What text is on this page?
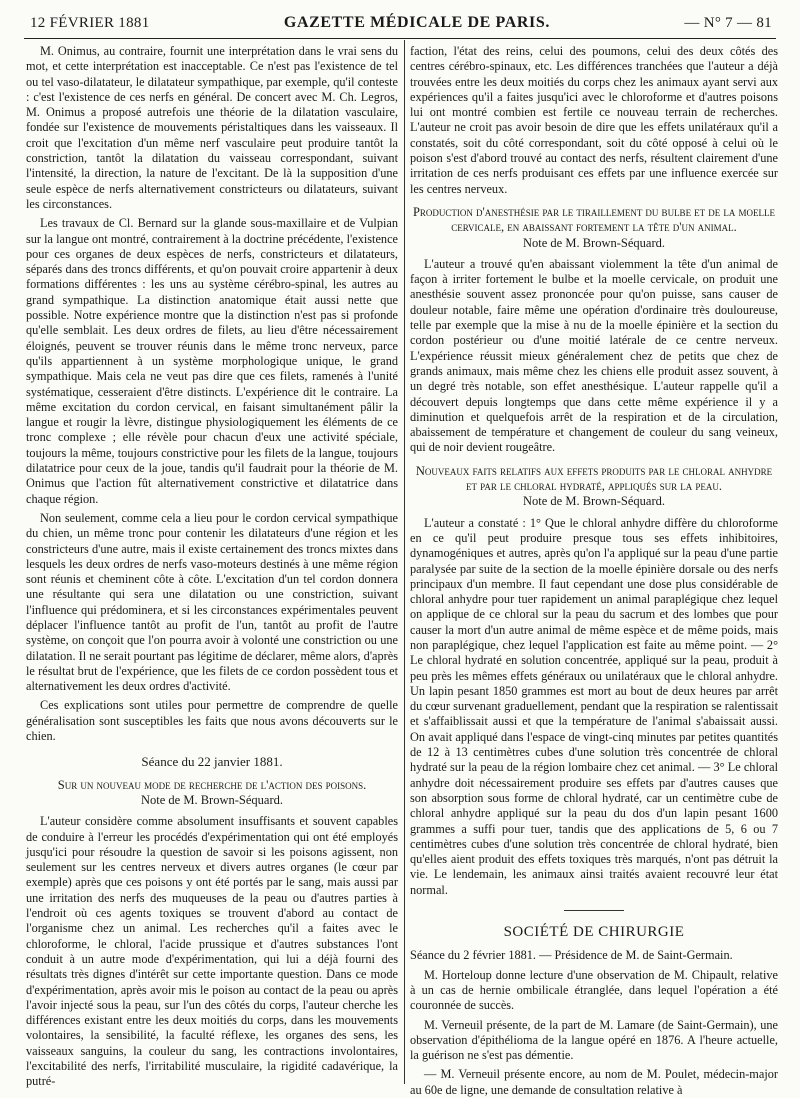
12 FÉVRIER 1881	GAZETTE MÉDICALE DE PARIS.	— N° 7 — 81

M. Onimus, au contraire, fournit une interprétation dans le vrai sens du mot, et cette interprétation est inacceptable. Ce n'est pas l'existence de tel ou tel vaso-dilatateur, le dilatateur sympathique, par exemple, qu'il conteste : c'est l'existence de ces nerfs en général. De concert avec M. Ch. Legros, M. Onimus a proposé autrefois une théorie de la dilatation vasculaire, fondée sur l'existence de mouvements péristaltiques dans les vaisseaux. Il croit que l'excitation d'un même nerf vasculaire peut produire tantôt la constriction, tantôt la dilatation du vaisseau correspondant, suivant l'intensité, la direction, la nature de l'excitant. De là la supposition d'une seule espèce de nerfs alternativement constricteurs ou dilatateurs, suivant les circonstances.

Les travaux de Cl. Bernard sur la glande sous-maxillaire et de Vulpian sur la langue ont montré, contrairement à la doctrine précédente, l'existence pour ces organes de deux espèces de nerfs, constricteurs et dilatateurs, séparés dans des troncs différents, et qu'on pouvait croire appartenir à deux formations différentes : les uns au système cérébro-spinal, les autres au grand sympathique. La distinction anatomique était aussi nette que possible. Notre expérience montre que la distinction n'est pas si profonde qu'elle semblait. Les deux ordres de filets, au lieu d'être nécessairement éloignés, peuvent se trouver réunis dans le même tronc nerveux, parce qu'ils appartiennent à un système morphologique unique, le grand sympathique. Mais cela ne veut pas dire que ces filets, ramenés à l'unité systématique, cesseraient d'être distincts. L'expérience dit le contraire. La même excitation du cordon cervical, en faisant simultanément pâlir la langue et rougir la lèvre, distingue physiologiquement les éléments de ce tronc complexe ; elle révèle pour chacun d'eux une activité spéciale, toujours la même, toujours constrictive pour les filets de la langue, toujours dilatatrice pour ceux de la joue, tandis qu'il faudrait pour la théorie de M. Onimus que l'action fût alternativement constrictive et dilatatrice dans chaque région.

Non seulement, comme cela a lieu pour le cordon cervical sympathique du chien, un même tronc pour contenir les dilatateurs d'une région et les constricteurs d'une autre, mais il existe certainement des troncs mixtes dans lesquels les deux ordres de nerfs vaso-moteurs destinés à une même région sont réunis et cheminent côte à côte. L'excitation d'un tel cordon donnera une résultante qui sera une dilatation ou une constriction, suivant l'influence qui prédominera, et si les circonstances expérimentales peuvent déplacer l'influence tantôt au profit de l'un, tantôt au profit de l'autre système, on conçoit que l'on pourra avoir à volonté une constriction ou une dilatation. Il ne serait pourtant pas légitime de déclarer, même alors, d'après le résultat brut de l'expérience, que les filets de ce cordon possèdent tous et alternativement les deux ordres d'activité.

Ces explications sont utiles pour permettre de comprendre de quelle généralisation sont susceptibles les faits que nous avons découverts sur le chien.

Séance du 22 janvier 1881.
Sur un nouveau mode de recherche de l'action des poisons.
Note de M. Brown-Séquard.

L'auteur considère comme absolument insuffisants et souvent capables de conduire à l'erreur les procédés d'expérimentation qui ont été employés jusqu'ici pour résoudre la question de savoir si les poisons agissent, non seulement sur les centres nerveux et divers autres organes (le cœur par exemple) après que ces poisons y ont été portés par le sang, mais aussi par une irritation des nerfs des muqueuses de la peau ou d'autres parties à l'endroit où ces agents toxiques se trouvent d'abord au contact de l'organisme chez un animal. Les recherches qu'il a faites avec le chloroforme, le chloral, l'acide prussique et d'autres substances l'ont conduit à un autre mode d'expérimentation, qui lui a déjà fourni des résultats très dignes d'intérêt sur cette importante question. Dans ce mode d'expérimentation, après avoir mis le poison au contact de la peau ou après l'avoir injecté sous la peau, sur l'un des côtés du corps, l'auteur cherche les différences existant entre les deux moitiés du corps, dans les mouvements volontaires, la sensibilité, la faculté réflexe, les organes des sens, les vaisseaux sanguins, la couleur du sang, les contractions involontaires, l'excitabilité des nerfs, l'irritabilité musculaire, la rigidité cadavérique, la putré-

faction, l'état des reins, celui des poumons, celui des deux côtés des centres cérébro-spinaux, etc. Les différences tranchées que l'auteur a déjà trouvées entre les deux moitiés du corps chez les animaux ayant servi aux expériences qu'il a faites jusqu'ici avec le chloroforme et d'autres poisons lui ont montré combien est fertile ce nouveau terrain de recherches. L'auteur ne croit pas avoir besoin de dire que les effets unilatéraux qu'il a constatés, soit du côté correspondant, soit du côté opposé à celui où le poison s'est d'abord trouvé au contact des nerfs, résultent clairement d'une irritation de ces nerfs produisant ces effets par une influence exercée sur les centres nerveux.

Production d'anesthésie par le tiraillement du bulbe et de la moelle cervicale, en abaissant fortement la tête d'un animal.
Note de M. Brown-Séquard.

L'auteur a trouvé qu'en abaissant violemment la tête d'un animal de façon à irriter fortement le bulbe et la moelle cervicale, on produit une anesthésie souvent assez prononcée pour qu'on puisse, sans causer de douleur notable, faire même une opération d'ordinaire très douloureuse, telle par exemple que la mise à nu de la moelle épinière et la section du cordon postérieur ou d'une moitié latérale de ce centre nerveux. L'expérience réussit mieux généralement chez de petits que chez de grands animaux, mais même chez les chiens elle produit assez souvent, à un degré très notable, son effet anesthésique. L'auteur rappelle qu'il a découvert depuis longtemps que dans cette même expérience il y a diminution et quelquefois arrêt de la respiration et de la circulation, abaissement de température et changement de couleur du sang veineux, qui de noir devient rougeâtre.

Nouveaux faits relatifs aux effets produits par le chloral anhydre et par le chloral hydraté, appliqués sur la peau.
Note de M. Brown-Séquard.

L'auteur a constaté : 1° Que le chloral anhydre diffère du chloroforme en ce qu'il peut produire presque tous ses effets inhibitoires, dynamogéniques et autres, après qu'on l'a appliqué sur la peau d'une partie paralysée par suite de la section de la moelle épinière dorsale ou des nerfs principaux d'un membre. Il faut cependant une dose plus considérable de chloral anhydre pour tuer rapidement un animal paraplégique chez lequel on applique de ce chloral sur la peau du sacrum et des lombes que pour causer la mort d'un autre animal de même espèce et de même poids, mais non paraplégique, chez lequel l'application est faite au même point. — 2° Le chloral hydraté en solution concentrée, appliqué sur la peau, produit à peu près les mêmes effets généraux ou unilatéraux que le chloral anhydre. Un lapin pesant 1850 grammes est mort au bout de deux heures par arrêt du cœur survenant graduellement, pendant que la respiration se ralentissait et s'affaiblissait aussi et que la température de l'animal s'abaissait aussi. On avait appliqué dans l'espace de vingt-cinq minutes par petites quantités de 12 à 13 centimètres cubes d'une solution très concentrée de chloral hydraté sur la peau de la région lombaire chez cet animal. — 3° Le chloral anhydre doit nécessairement produire ses effets par d'autres causes que son absorption sous forme de chloral hydraté, car un centimètre cube de chloral anhydre appliqué sur la peau du dos d'un lapin pesant 1600 grammes a suffi pour tuer, tandis que des applications de 5, 6 ou 7 centimètres cubes d'une solution très concentrée de chloral hydraté, bien qu'elles aient produit des effets toxiques très marqués, n'ont pas détruit la vie. Le lendemain, les animaux ainsi traités avaient recouvré leur état normal.

SOCIÉTÉ DE CHIRURGIE

Séance du 2 février 1881. — Présidence de M. de Saint-Germain.

M. Horteloup donne lecture d'une observation de M. Chipault, relative à un cas de hernie ombilicale étranglée, dans lequel l'opération a été couronnée de succès.

M. Verneuil présente, de la part de M. Lamare (de Saint-Germain), une observation d'épithélioma de la langue opéré en 1876. A l'heure actuelle, la guérison ne s'est pas démentie.

— M. Verneuil présente encore, au nom de M. Poulet, médecin-major au 60e de ligne, une demande de consultation relative à
